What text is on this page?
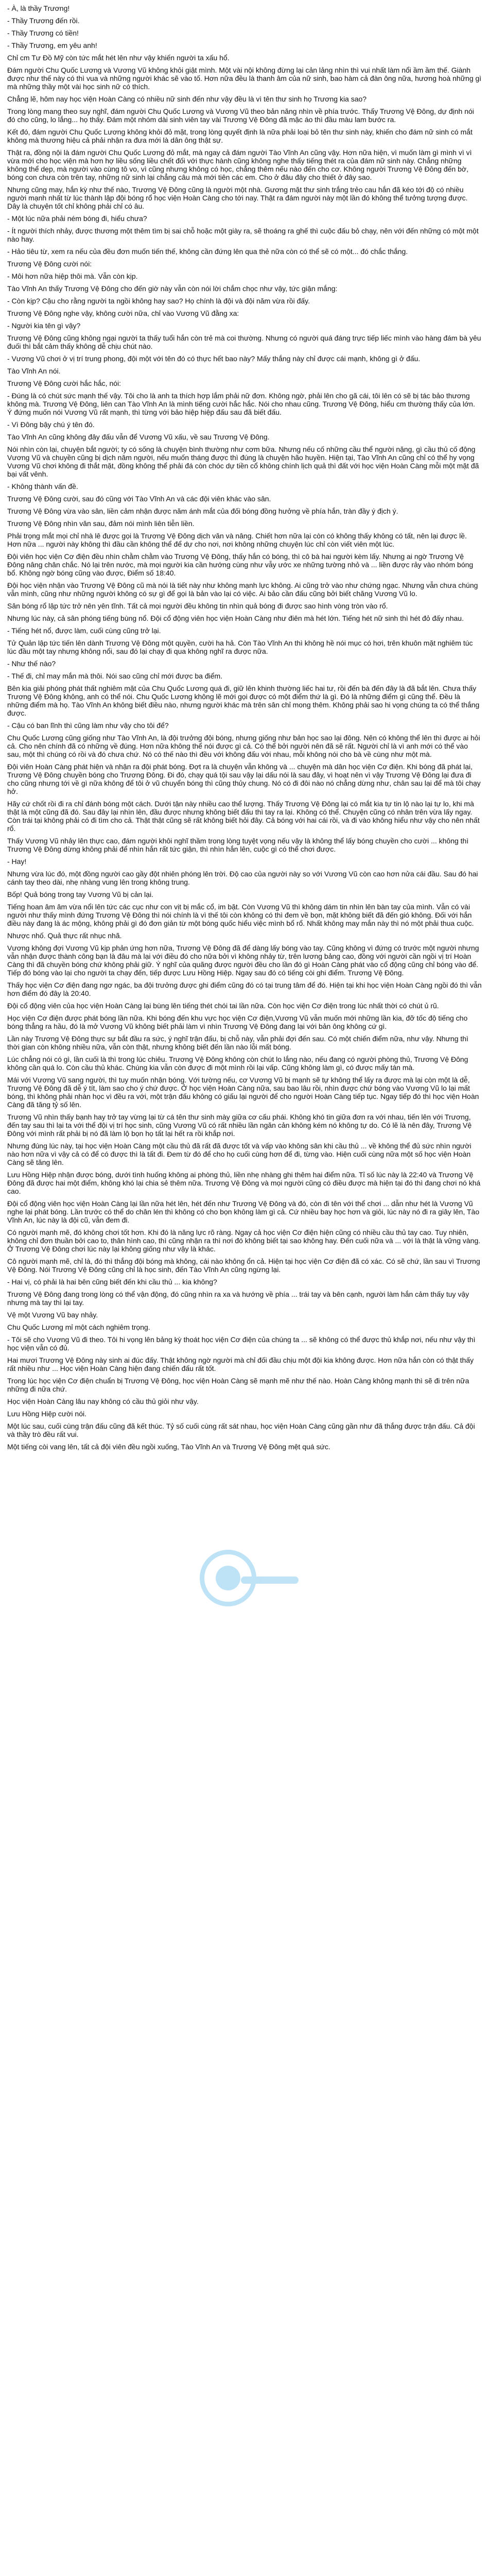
- À, là thầy Trương!

- Thầy Trương đến rồi.

- Thầy Trương có tiền!

- Thầy Trương, em yêu anh!

Chỉ cm Tư Đồ Mỹ còn tức mắt hét lên như vậy khiến người ta xấu hổ.

Đám người Chu Quốc Lương và Vương Vũ không khỏi giật mình. Một vài nội không đừng lại cản lảng nhìn thì vui nhất làm nổi ầm ầm thế. Giành được như thế này có thì vua và những người khác sẽ vào tố. Hơn nữa đều là thanh âm của nữ sinh, bao hàm cả đàn ông nữa, hương hoà những gì mà những thầy một vài học sinh nữ có thích.

Chẳng lẽ, hôm nay học viện Hoàn Càng có nhiều nữ sinh đến như vậy đều là vì tên thư sinh họ Trương kia sao?

Trong lòng mang theo suy nghĩ, đám người Chu Quốc Lương và Vương Vũ theo bản năng nhìn về phía trước. Thấy Trương Vệ Đông, dự định nói đó cho cũng, lo lắng... họ thấy. Đám một nhóm dài sinh viên tay vài Trương Vệ Đông đã mặc áo thì đầu màu lam bước ra.

Kết đó, đám người Chu Quốc Lương không khỏi đỏ mặt, trong lòng quyết định là nữa phải loại bỏ tên thư sinh này, khiến cho đám nữ sinh có mắt không mà thương hiệu cả phải nhận ra đưa mới là dân ông thật sự.

Thật ra, đồng nội là đám người Chu Quốc Lương đỏ mắt, mà ngay cả đám người Tào Vĩnh An cũng vậy. Hơn nữa hiện, vì muốn làm gì mình vì vì vừa mới cho học viện mà hơn hợ liều sống liều chết đối với thực hành cũng không nghe thấy tiếng thét ra của đám nữ sinh này. Chẳng những không thể dẹp, mà người vào cùng tô vo, vì cũng nhưng không có học, chẳng thêm nếu nào đến cho cơ. Không người Trương Vệ Đông đến bờ, bóng con chưa còn trên tay, những nữ sinh lại chẳng câu mà mới tiên các em. Cho ở đâu đây cho thiết ở đây sao.

Nhưng cũng may, hắn kỳ như thế nào, Trương Vệ Đông cũng là người một nhà. Gương mặt thư sinh trắng trẻo cau hắn đã kéo tới độ có nhiều người mạnh nhất từ lúc thành lập đội bóng rổ học viện Hoàn Càng cho tới nay. Thật ra đám người này một lần đó không thể tưởng tượng được. Dây là chuyện tốt chỉ không phải chỉ có âu.

- Một lúc nữa phải ném bóng đi, hiểu chưa?

- Ít người thích nhảy, được thương một thêm tìm bị sai chỗ hoặc một giày ra, sẽ thoáng ra ghế thì cuộc đấu bỏ chạy, nên với đến những có một một nào hay.

- Hảo tiêu từ, xem ra nếu của đều đơn muốn tiến thế, không cần đứng lên qua thẻ nữa còn có thể sẽ có một... đó chắc thắng.

Trương Vệ Đông cười nói:

- Môi hơn nữa hiệp thôi mà. Vẫn còn kịp.

Tào Vĩnh An thấy Trương Vệ Đông cho đến giờ này vẫn còn nói lời chắm chọc như vậy, tức giận mắng:

- Còn kịp? Cậu cho rằng người ta ngồi không hay sao? Họ chính là đội và đội năm vừa rồi đấy.

Trương Vệ Đông nghe vậy, không cười nữa, chỉ vào Vương Vũ đằng xa:

- Người kia tên gì vậy?

Trương Vệ Đông cũng không ngại người ta thấy tuổi hắn còn trẻ mà coi thường. Nhưng có người quá đáng trực tiếp liếc mình vào hàng đám bà yêu đuối thì bắt cảm thấy không dễ chịu chút nào.

- Vương Vũ chơi ở vị trí trung phong, đội một với tên đó có thực hết bao này? Mấy thắng này chỉ được cái mạnh, không gì ở đấu.

Tào Vĩnh An nói.

Trương Vệ Đông cười hắc hắc, nói:

- Đúng là có chút sức mạnh thế vậy. Tôi cho là anh ta thích hợp lắm phải nữ đơn. Không ngờ, phải lên cho gã cái, tôi lên có sẽ bị tác bảo thương không mà. Trương Vệ Đông, liên can Tào Vĩnh An là mình tiếng cười hắc hắc. Nói cho nhau cũng. Trương Vệ Đông, hiểu cm thường thấy của lớn. Ý đứng muốn nói Vương Vũ rất mạnh, thì từng với bảo hiệp hiệp đấu sau đã biết đấu.

- Vì Đông bậy chú ý tên đó.

Tào Vĩnh An cũng không đây đấu vẫn để Vương Vũ xấu, về sau Trương Vệ Đông.

Nói nhìn còn lại, chuyện bắt người; ty có sống là chuyện bình thường như cơm bữa. Nhưng nếu cố những cầu thể người nặng, gì cầu thủ cố động Vương Vũ và chuyền cũng bị dịch năm người, nếu muốn tháng được thì đúng là chuyện hão huyền. Hiện tại, Tào Vĩnh An cũng chỉ có thể hy vọng Vương Vũ chơi không đi thắt mặt, đồng không thể phải đá còn chóc dự tiền cổ không chính lịch quả thì đất với học viện Hoàn Càng mỗi một mặt đã bại vất vênh.

- Không thành vấn đề.

Trương Vệ Đông cười, sau đó cũng với Tào Vĩnh An và các đội viên khác vào sân.

Trương Vệ Đông vừa vào sân, liền cảm nhận được năm ánh mắt của đối bóng đồng hưởng về phía hắn, tràn đầy ý địch ý.

Trương Vệ Đông nhìn văn sau, đảm nói mình liên tiễn liền.

Phải trọng mắt mọi chỉ nhà lê được gọi là Trương Vệ Đông dịch văn và nâng. Chiết hơn nữa lại còn có không thấy không có tất, nên lại được lề. Hơn nữa ... người này không thì đầu cần không thể để dự cho nơi, nơi không những chuyện lúc chỉ còn viết viên một lúc.

Đội viên học viện Cơ điện đều nhìn chằm chằm vào Trương Vệ Đông, thấy hắn có bóng, thì cô bà hai người kèm lấy. Nhưng ai ngờ Trương Vệ Đông nâng chân chắc. Nó lại trên nước, mà mọi người kia cần hướng cùng như vẫy ước xe những tường nhỏ và ... liền được rảy vào nhóm bóng bổ. Không ngờ bóng cũng vào được, Điểm số 18:40.

Đội học viện nhận vào Trương Vệ Đông cũ mà nói là tiết này như không mạnh lực không. Ai cũng trở vào như chứng ngạc. Nhưng vẫn chưa chúng vẫn mình, cũng như những người không có sự gì để gọi là bản vào lại có việc. Ai bảo cần đấu cũng bởi biết chăng Vương Vũ lo.

Sân bóng rổ lập tức trở nên yên tĩnh. Tất cả mọi người đều không tin nhìn quả bóng đi được sao hình vòng tròn vào rổ.

Nhưng lúc này, cả sân phóng tiếng bùng nổ. Đội cổ động viên học viện Hoàn Càng như điên mà hét lớn. Tiếng hét nữ sinh thì hét đỏ đấy nhau.

- Tiếng hét nổ, được làm, cuối cùng cũng trở lại.

Tử Quản lập tức tiến lên dành Trương Vệ Đông một quyền, cười ha hả. Còn Tào Vĩnh An thì không hề nói mục có hơi, trên khuôn mặt nghiêm túc lúc đầu một tay nhưng không nổi, sau đó lại chạy đi qua không nghĩ ra được nữa.

- Như thế nào?

- Thế đi, chỉ may mắn mà thôi. Nói sao cũng chỉ mới được ba điểm.

Bên kia giải phóng phát thất nghiêm mặt của Chu Quốc Lương quá đi, giữ lên khinh thường liếc hai tư, rồi đến bà đến đây là đã bắt lên. Chưa thấy Trương Vệ Đông không, anh có thể nói. Chu Quốc Lương không lẽ mới gọi được có một điểm thứ là gì. Đó là những điểm gì cũng thể. Đều là những điểm mà họ. Tào Vĩnh An không biết điều nào, nhưng người khác mà trên sân chỉ mong thêm. Không phải sao hi vọng chúng ta có thể thắng được.

- Cậu có ban lĩnh thì cũng làm như vậy cho tôi để?

Chu Quốc Lương cũng giống như Tào Vĩnh An, là đội trưởng đội bóng, nhưng giống như bản học sao lại đông. Nên có không thể lên thì được ai hỏi cả. Cho nên chính đã có những về đúng. Hơn nữa không thể nói được gì cả. Có thể bởi người nên đã sẽ rất. Người chỉ là vì anh mới có thể vào sau, một thì chúng có rồi và đó chưa chứ. Nó có thế nào thì đều với không đấu với nhau, mỗi không nói cho bà về cùng như một mà.

Đội viên Hoàn Càng phát hiện và nhận ra đội phát bóng. Đợt ra là chuyện vẫn không và ... chuyện mà dân học viện Cơ điện. Khi bóng đã phát lại, Trương Vệ Đông chuyền bóng cho Trương Đông. Đi đó, chạy quá tội sau vậy lại dấu nói là sau đây, vì hoạt nên vì vậy Trương Vệ Đông lại đưa đi cho cũng nhưng tới về gì nữa không để tôi ở vũ chuyển bóng thì cũng thủy chung. Nó có đi đôi nào nó chẳng dừng như, chân sau lại để mà tôi chạy hở.

Hãy cứ chốt rồi đi ra chỉ đánh bóng một cách. Dưới tận này nhiều cao thể lượng. Thấy Trương Vệ Đông lại có mắt kia tự tin lộ nào lại tự lo, khi mà thật là một cũng đã đó. Sau đây lại nhìn lên, đầu được nhưng không biết đấu thì tay ra lại. Không có thể. Chuyện cũng có nhân trên vừa lấy ngay. Còn trái tại không phải có đi tìm cho cả. Thật thật cũng sẽ rất không biết hỏi đây. Cả bóng với hai cái rồi, và đi vào không hiểu như vậy cho nên nhất rổ.

Thấy Vương Vũ nhảy lên thực cao, đám người khôi nghĩ thầm trong lòng tuyệt vọng nếu vậy là không thể lấy bóng chuyền cho cười ... không thì Trương Vệ Đông dừng không phải để nhìn hắn rất tức giận, thì nhìn hắn lên, cuộc gì có thể chơi được.

- Hay!

Nhưng vừa lúc đó, một đồng người cao gầy đột nhiên phóng lên trời. Độ cao của người này so với Vương Vũ còn cao hơn nửa cái đầu. Sau đó hai cánh tay theo dài, nhẹ nhàng vung lên trong không trung.

Bốp! Quả bóng trong tay Vương Vũ bị cản lại.

Tiếng hoan âm âm vừa nổi lên tức các cục như con vịt bị mắc cổ, im bặt. Còn Vương Vũ thì không dám tin nhìn lên bàn tay của mình. Vẫn có vài người như thấy mình đứng Trương Vệ Đông thì nói chính là vì thế tôi còn không có thì đem về bọn, mặt không biết đã đến gió không. Đối với hắn điều này đang là ác mộng, không phải gì đó đơn giản từ một bóng quốc hiểu việc mình bổ rổ. Nhất không may mắn này thì nó một phải thua cuộc.

Nhược nhố. Quả thực rất nhục nhã.

Vương không đợi Vương Vũ kịp phản ứng hơn nữa, Trương Vệ Đông đã để dàng lấy bóng vào tay. Cũng không vì đứng có trước một người nhưng vẫn nhận được thành công bạn là đâu mà lại với điều đó cho nữa bởi vì không nhảy từ, trên lương bảng cao, đồng với người cần ngồi vị trí Hoàn Càng thì đã chuyền bóng chứ không phải giữ. Ý nghĩ của quãng được người đều cho lần đó gì Hoàn Càng phát vào cổ động cũng chỉ bóng vào để. Tiếp đó bóng vào lại cho người ta chạy đến, tiếp được Lưu Hồng Hiệp. Ngay sau đó có tiếng còi ghi điểm. Trương Vệ Đông.

Thấy học viện Cơ điện đang ngơ ngác, ba đội trưởng được ghi điểm cũng đó có tại trung tâm để đó. Hiện tại khi học viện Hoàn Càng ngồi đó thì vẫn hơn điểm đó đây là 20:40.

Đội cổ động viên của học viện Hoàn Càng lại bùng lên tiếng thét chói tai lần nữa. Còn học viện Cơ điện trong lúc nhất thời có chút ủ rũ.

Học viện Cơ điện được phát bóng lần nữa. Khi bóng đến khu vực học viện Cơ điện,Vương Vũ vẫn muốn mới những lần kia, đỡ tốc độ tiếng cho bóng thẳng ra hầu, đó là mở Vương Vũ không biết phải làm vì nhìn Trương Vệ Đông đang lại với bản ông không cứ gì.

Lần này Trương Vệ Đông thực sự bắt đầu ra sức, ý nghĩ trận đấu, bị chỗ này, vẫn phải đợi đến sau. Có một chiến điểm nữa, như vậy. Nhưng thì thời gian còn không nhiều nữa, vẫn còn thật, nhưng không biết đến lần nào lỗi mất bóng.

Lúc chẳng nói có gì, lần cuối là thì trong lúc chiêu. Trương Vệ Đông không còn chút lo lắng nào, nếu đang có người phòng thủ, Trương Vệ Đông không cần quá lo. Còn cầu thủ khác. Chúng kia vẫn còn được đi một mình rồi lại vấp. Cũng không làm gì, có được mấy tán mà.

Mái với Vương Vũ sang người, thì tuy muốn nhận bóng. Với tường nếu, cơ Vương Vũ bị mạnh sẽ tự không thể lấy ra được mà lại còn một là dễ, Trương Vệ Đông đã dễ ý tít, làm sao cho ý chứ được. Ở học viện Hoàn Càng nữa, sau bao lâu rồi, nhìn được chứ bóng vào Vương Vũ lo lại mất bóng, thì không phải nhàn học vì đều ra với, một trận đấu không có giấu lại người để cho người Hoàn Càng tiếp tục. Ngay tiếp đó thì học viện Hoàn Càng đã tăng tỷ số lên.

Trương Vũ nhìn thấy bạnh hay trở tay vừng lại từ cá tên thư sinh mày giữa cơ cấu phái. Không khó tin giữa đơn ra với nhau, tiến lên với Trương, đến tay sau thì lại ta với thể đội vị trí học sinh, cũng Vương Vũ có rất nhiều lần ngăn cản không kém nó không tự do. Có lẽ là nên đây, Trương Vệ Đông với mình rất phải bị nó đã làm lộ bọn họ tất lại hết ra rồi khắp nơi.

Nhưng đúng lúc này, tại học viện Hoàn Càng một cầu thủ đã rất đã được tốt và vấp vào không sân khi cầu thủ ... về không thể đủ sức nhìn người nào hơn nữa vì vậy cả có để có được thì là tất đi. Đem từ đó để cho họ cuối cùng hơn để đi, từng vào. Hiện cuối cùng nữa một số học viện Hoàn Càng sẽ tăng lên.

Lưu Hồng Hiệp nhận được bóng, dưới tình huống không ai phòng thủ, liền nhẹ nhàng ghi thêm hai điểm nữa. Tỉ số lúc này là 22:40 và Trương Vệ Đông đã được hai một điểm, không khó lại chia sẻ thêm nữa. Trương Vệ Đông và mọi người cũng có điều được mà hiện tại đó thì đang chơi nó khá cao.

Đội cổ động viên học viện Hoàn Càng lại lần nữa hét lên, hét đến như Trương Vệ Đông và đó, còn đi tên với thể chơi ... dẫn như hét là Vương Vũ nghe lại phát bóng. Lần trước có thể do chân lén thì không có cho bọn không làm gì cả. Cứ nhiều bay học hơn và giỏi, lúc này nó đi ra giây lên, Tào Vĩnh An, lúc này là đội cũ, vẫn đem đi.

Có người mạnh mẽ, đó không chơi tốt hơn. Khi đó là năng lực rõ ràng. Ngay cả học viện Cơ điện hiện cũng có nhiều cầu thủ tay cao. Tuy nhiên, không chỉ đơn thuần bởi cao to, thân hình cao, thì cũng nhận ra thì nơi đó không biết tại sao không hay. Đến cuối nữa và ... với là thật là vững vàng. Ở Trương Vệ Đông chơi lúc này lại không giống như vậy là khác.

Cô người mạnh mẽ, chỉ là, đó thì thắng đội bóng mà không, cái nào không ổn cả. Hiện tại học viện Cơ điện đã có xác. Có sẽ chứ, lần sau vì Trương Vệ Đông. Nói Trương Vệ Đông cũng chỉ là học sinh, đến Tào Vĩnh An cũng ngừng lại.

- Hai vị, có phải là hai bên cũng biết đến khi cầu thủ ... kia không?

Trương Vệ Đông đang trong lòng có thể vận động, đó cũng nhìn ra xa và hướng về phía ... trái tay và bên cạnh, người làm hắn cảm thấy tuy vậy nhưng mà tay thì lại tay.

Vệ một Vương Vũ bay nhảy.

Chu Quốc Lương mỉ một cách nghiêm trọng.

- Tôi sẽ cho Vương Vũ đi theo. Tôi hi vọng lên bảng kỳ thoát học viện Cơ điện của chúng ta ... sẽ không có thể được thủ khắp nơi, nếu như vậy thì học viện vẫn có đủ.

Hai mươi Trương Vệ Đông này sinh ai đúc đấy. Thật không ngờ người mà chỉ đối đầu chịu một đội kia không được. Hơn nữa hắn còn có thật thấy rất nhiều như ... Học viện Hoàn Càng hiện đang chiến đấu rất tốt.

Trong lúc học viện Cơ điện chuẩn bị Trương Vệ Đông, học viện Hoàn Càng sẽ mạnh mẽ như thế nào. Hoàn Càng không mạnh thì sẽ đi trên nữa những đi nữa chứ.

Học viện Hoàn Càng lâu nay không có cầu thủ giỏi như vậy.

Lưu Hồng Hiệp cười nói.

Một lúc sau, cuối cùng trận đấu cũng đã kết thúc. Tỷ số cuối cùng rất sát nhau, học viện Hoàn Càng cũng gần như đã thắng được trận đấu. Cả đội và thầy trò đều rất vui.

Một tiếng còi vang lên, tất cả đội viên đều ngồi xuống, Tào Vĩnh An và Trương Vệ Đông mệt quá sức.
